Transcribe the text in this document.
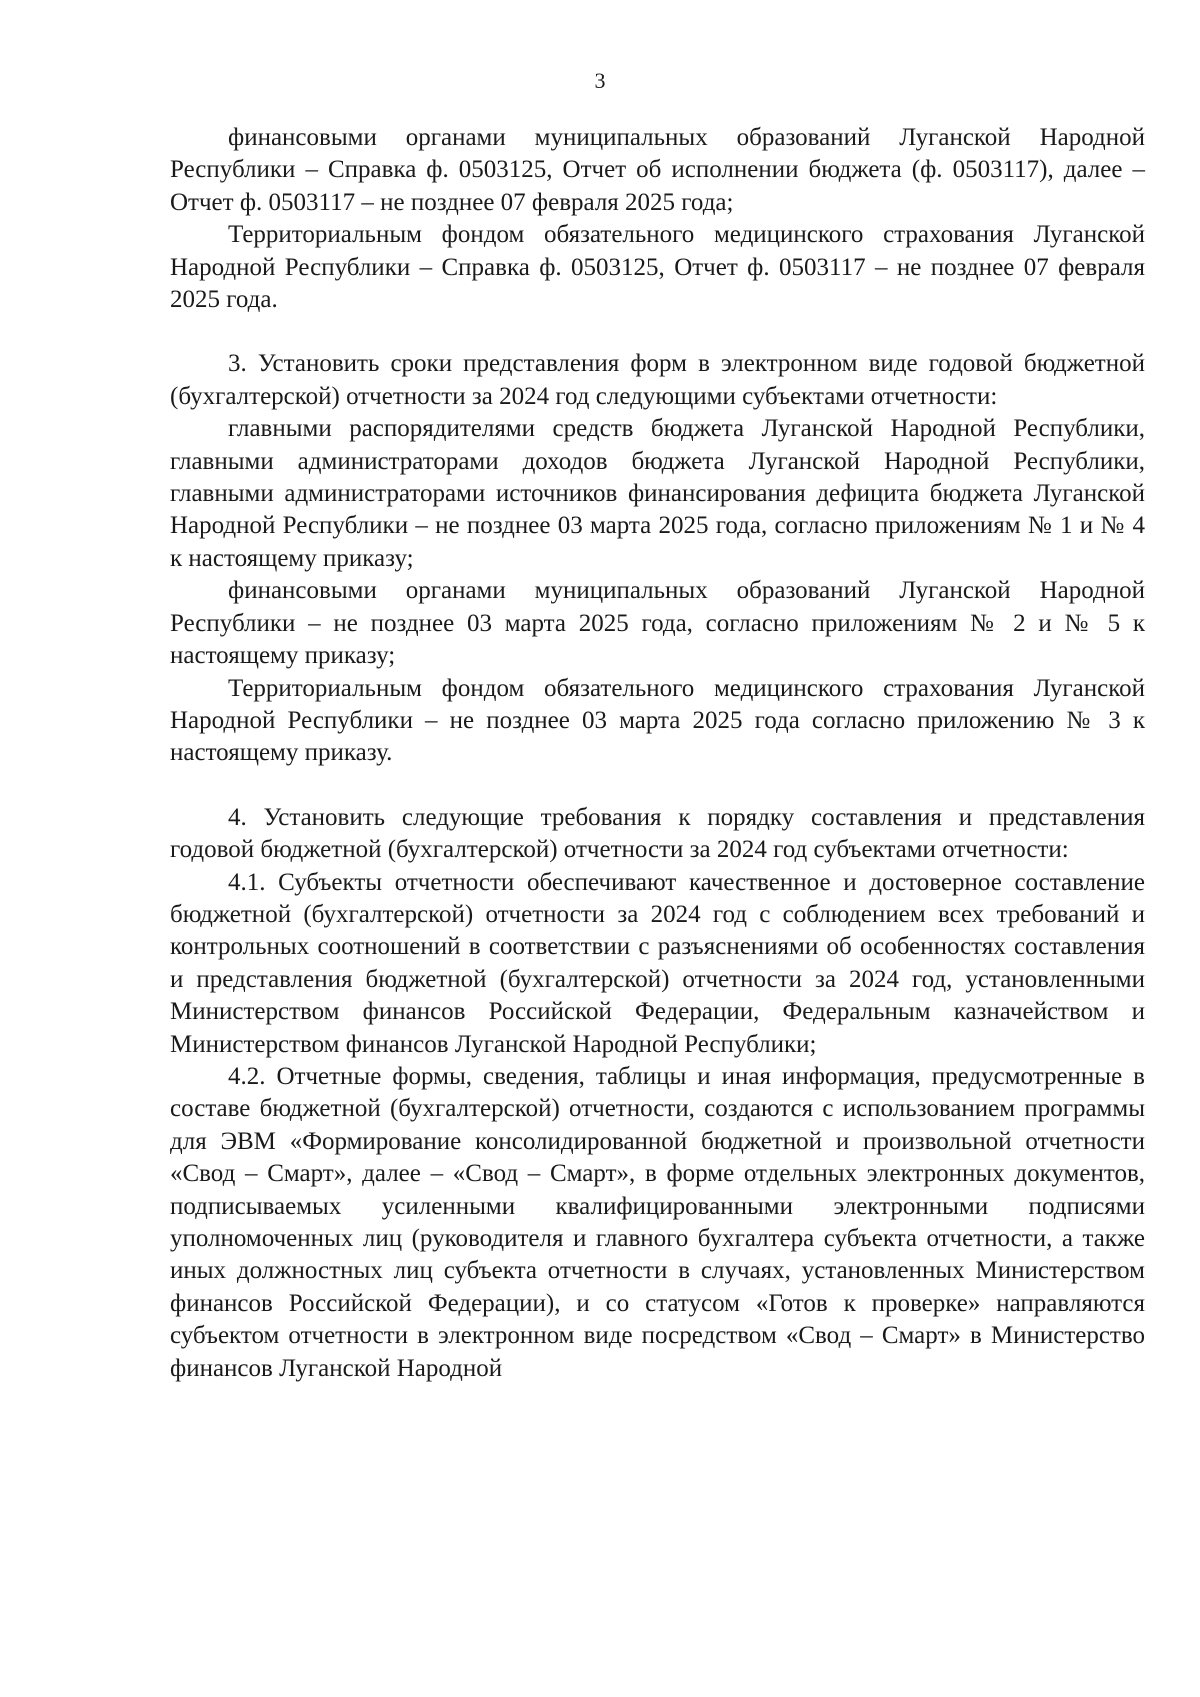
3

финансовыми органами муниципальных образований Луганской Народной Республики – Справка ф. 0503125, Отчет об исполнении бюджета (ф. 0503117), далее – Отчет ф. 0503117 – не позднее 07 февраля 2025 года;

Территориальным фондом обязательного медицинского страхования Луганской Народной Республики – Справка ф. 0503125, Отчет ф. 0503117 – не позднее 07 февраля 2025 года.

3. Установить сроки представления форм в электронном виде годовой бюджетной (бухгалтерской) отчетности за 2024 год следующими субъектами отчетности:

главными распорядителями средств бюджета Луганской Народной Республики, главными администраторами доходов бюджета Луганской Народной Республики, главными администраторами источников финансирования дефицита бюджета Луганской Народной Республики – не позднее 03 марта 2025 года, согласно приложениям № 1 и № 4 к настоящему приказу;

финансовыми органами муниципальных образований Луганской Народной Республики – не позднее 03 марта 2025 года, согласно приложениям № 2 и № 5 к настоящему приказу;

Территориальным фондом обязательного медицинского страхования Луганской Народной Республики – не позднее 03 марта 2025 года согласно приложению № 3 к настоящему приказу.

4. Установить следующие требования к порядку составления и представления годовой бюджетной (бухгалтерской) отчетности за 2024 год субъектами отчетности:

4.1. Субъекты отчетности обеспечивают качественное и достоверное составление бюджетной (бухгалтерской) отчетности за 2024 год с соблюдением всех требований и контрольных соотношений в соответствии с разъяснениями об особенностях составления и представления бюджетной (бухгалтерской) отчетности за 2024 год, установленными Министерством финансов Российской Федерации, Федеральным казначейством и Министерством финансов Луганской Народной Республики;

4.2. Отчетные формы, сведения, таблицы и иная информация, предусмотренные в составе бюджетной (бухгалтерской) отчетности, создаются с использованием программы для ЭВМ «Формирование консолидированной бюджетной и произвольной отчетности «Свод – Смарт», далее – «Свод – Смарт», в форме отдельных электронных документов, подписываемых усиленными квалифицированными электронными подписями уполномоченных лиц (руководителя и главного бухгалтера субъекта отчетности, а также иных должностных лиц субъекта отчетности в случаях, установленных Министерством финансов Российской Федерации), и со статусом «Готов к проверке» направляются субъектом отчетности в электронном виде посредством «Свод – Смарт» в Министерство финансов Луганской Народной
